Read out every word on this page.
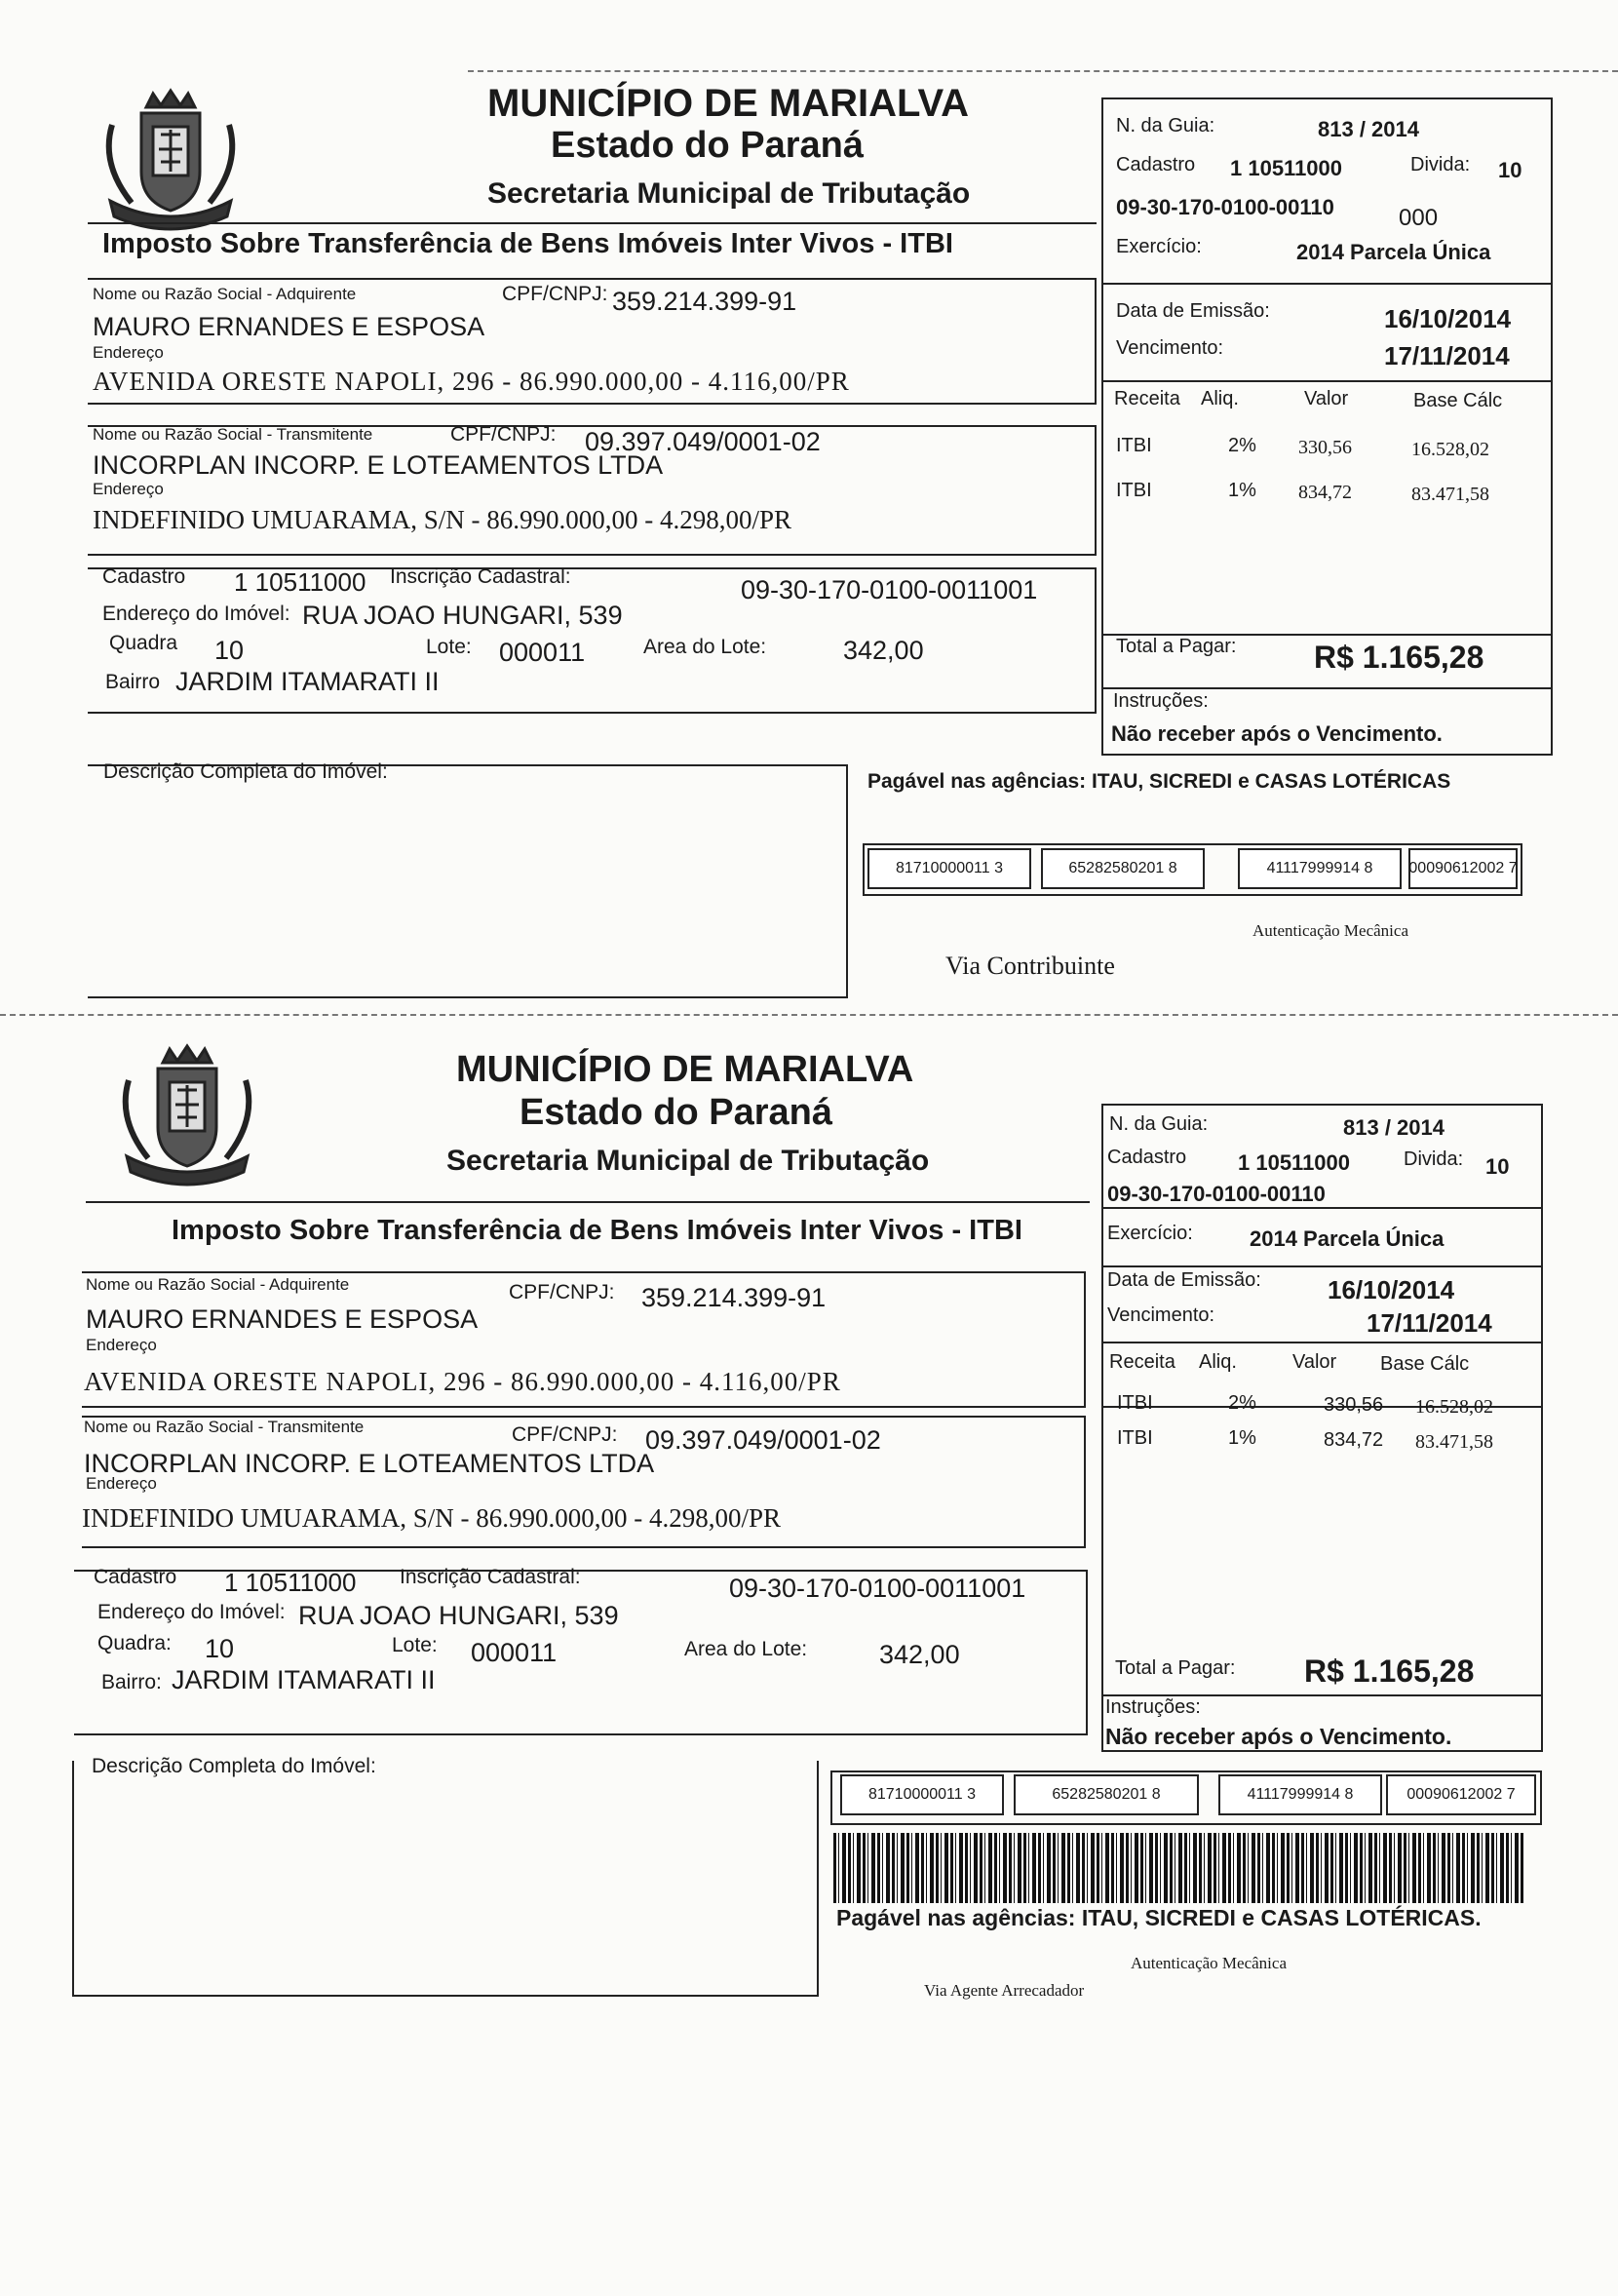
MUNICÍPIO DE MARIALVA
Estado do Paraná
Secretaria Municipal de Tributação
Imposto Sobre Transferência de Bens Imóveis Inter Vivos - ITBI
Nome ou Razão Social - Adquirente	CPF/CNPJ: 359.214.399-91
MAURO ERNANDES E ESPOSA
Endereço
AVENIDA ORESTE NAPOLI, 296 - 86.990.000,00 - 4.116,00/PR
Nome ou Razão Social - Transmitente	CPF/CNPJ: 09.397.049/0001-02
INCORPLAN INCORP. E LOTEAMENTOS LTDA
Endereço
INDEFINIDO UMUARAMA, S/N - 86.990.000,00 - 4.298,00/PR
Cadastro 1 10511000 Inscrição Cadastral:	09-30-170-0100-0011001
Endereço do Imóvel: RUA JOAO HUNGARI, 539
Quadra 10	Lote: 000011	Area do Lote:	342,00
Bairro JARDIM ITAMARATI II
Descrição Completa do Imóvel:
N. da Guia:	813 / 2014
Cadastro 1 10511000	Divida: 10
09-30-170-0100-00110	000
Exercício:	2014 Parcela Única
Data de Emissão:	16/10/2014
Vencimento:	17/11/2014
Receita Aliq.	Valor	Base Cálc
ITBI	2% 330,56	16.528,02
ITBI	1% 834,72	83.471,58
Total a Pagar: R$ 1.165,28
Instruções:
Não receber após o Vencimento.
Pagável nas agências: ITAU, SICREDI e CASAS LOTÉRICAS
81710000011 3	65282580201 8	41117999914 8	00090612002 7
Autenticação Mecânica
Via Contribuinte
MUNICÍPIO DE MARIALVA
Estado do Paraná
Secretaria Municipal de Tributação
Imposto Sobre Transferência de Bens Imóveis Inter Vivos - ITBI
Nome ou Razão Social - Adquirente	CPF/CNPJ: 359.214.399-91
MAURO ERNANDES E ESPOSA
Endereço
AVENIDA ORESTE NAPOLI, 296 - 86.990.000,00 - 4.116,00/PR
Nome ou Razão Social - Transmitente	CPF/CNPJ: 09.397.049/0001-02
INCORPLAN INCORP. E LOTEAMENTOS LTDA
Endereço
INDEFINIDO UMUARAMA, S/N - 86.990.000,00 - 4.298,00/PR
Cadastro 1 10511000 Inscrição Cadastral:	09-30-170-0100-0011001
Endereço do Imóvel: RUA JOAO HUNGARI, 539
Quadra: 10	Lote: 000011	Area do Lote:	342,00
Bairro: JARDIM ITAMARATI II
Descrição Completa do Imóvel:
N. da Guia:	813 / 2014
Cadastro 1 10511000	Divida: 10
09-30-170-0100-00110
Exercício:	2014 Parcela Única
Data de Emissão:	16/10/2014
Vencimento:	17/11/2014
Receita Aliq.	Valor Base Cálc
ITBI	2%	330,56 16.528,02
ITBI	1%	834,72 83.471,58
Total a Pagar: R$ 1.165,28
Instruções:
Não receber após o Vencimento.
81710000011 3	65282580201 8	41117999914 8	00090612002 7
Pagável nas agências: ITAU, SICREDI e CASAS LOTÉRICAS.
Autenticação Mecânica
Via Agente Arrecadador
